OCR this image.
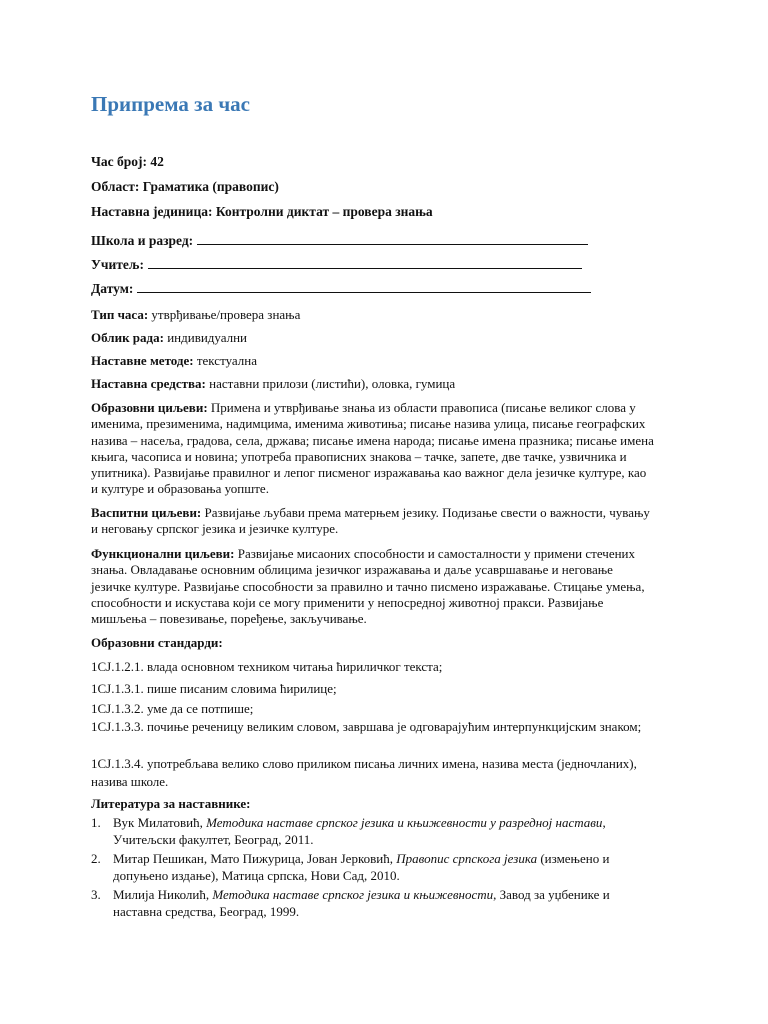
Припрема за час
Час број: 42
Област: Граматика (правопис)
Наставна јединица: Контролни диктат – провера знања
Школа и разред:
Учитељ:
Датум:
Тип часа: утврђивање/провера знања
Облик рада: индивидуални
Наставне методе: текстуална
Наставна средства: наставни прилози (листићи), оловка, гумица
Образовни циљеви: Примена и утврђивање знања из области правописа (писање великог слова у именима, презименима, надимцима, именима животиња; писање назива улица, писање географских назива – насеља, градова, села, држава; писање имена народа; писање имена празника; писање имена књига, часописа и новина; употреба правописних знакова – тачке, запете, две тачке, узвичника и упитника). Развијање правилног и лепог писменог изражавања као важног дела језичке културе, као и културе и образовања уопште.
Васпитни циљеви: Развијање љубави према матерњем језику. Подизање свести о важности, чувању и неговању српског језика и језичке културе.
Функционални циљеви: Развијање мисаоних способности и самосталности у примени стечених знања. Овладавање основним облицима језичког изражавања и даље усавршавање и неговање језичке културе. Развијање способности за правилно и тачно писмено изражавање. Стицање умења, способности и искустава који се могу применити у непосредној животној пракси. Развијање мишљења – повезивање, поређење, закључивање.
Образовни стандарди:
1CJ.1.2.1. влада основном техником читања ћириличког текста;
1CJ.1.3.1. пише писаним словима ћирилице;
1CJ.1.3.2. уме да се потпише;
1CJ.1.3.3. почиње реченицу великим словом, завршава је одговарајућим интерпункцијским знаком;
1CJ.1.3.4. употребљава велико слово приликом писања личних имена, назива места (једночланих), назива школе.
Литература за наставнике:
1. Вук Милатовић, Методика наставе српског језика и књижевности у разредној настави, Учитељски факултет, Београд, 2011.
2. Митар Пешикан, Мато Пижурица, Јован Јерковић, Правопис српскога језика (измењено и допуњено издање), Матица српска, Нови Сад, 2010.
3. Милија Николић, Методика наставе српског језика и књижевности, Завод за уџбенике и наставна средства, Београд, 1999.
